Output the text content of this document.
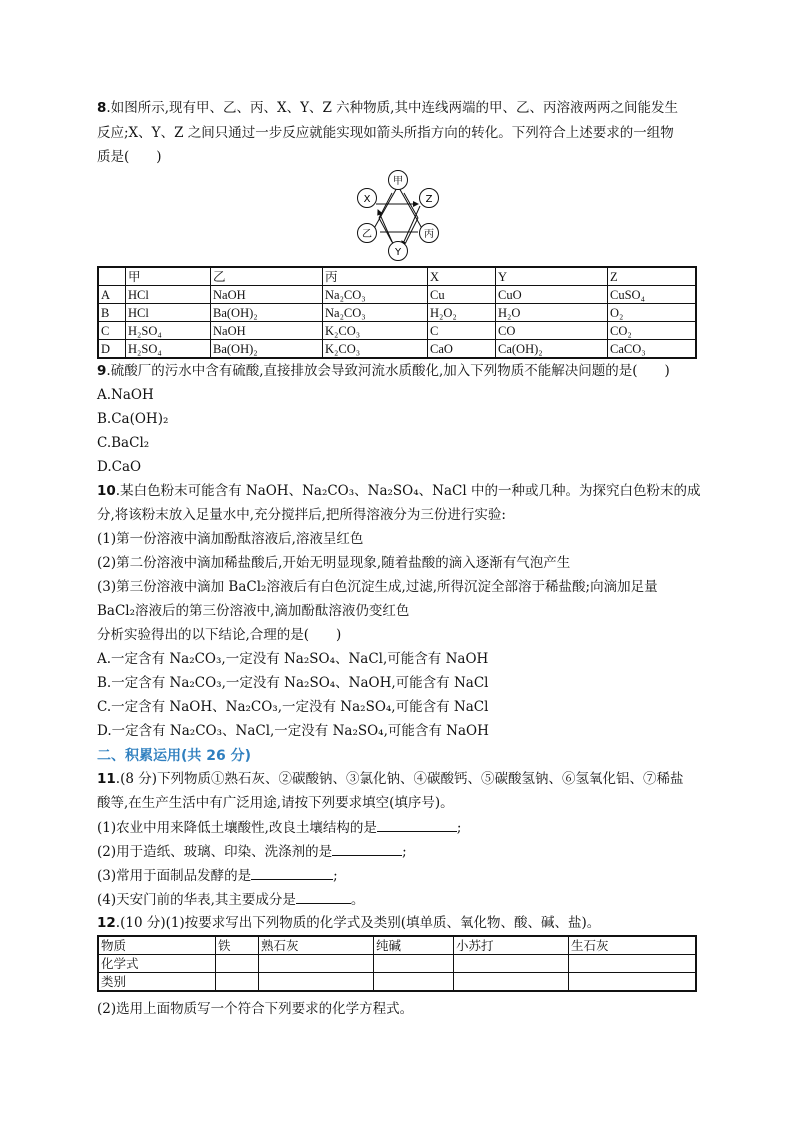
8.如图所示,现有甲、乙、丙、X、Y、Z 六种物质,其中连线两端的甲、乙、丙溶液两两之间能发生
反应;X、Y、Z 之间只通过一步反应就能实现如箭头所指方向的转化。下列符合上述要求的一组物
质是(　　)
甲
X	Z
乙	丙
Y
	甲	乙	丙	X	Y	Z
A	HCl	NaOH	Na₂CO₃	Cu	CuO	CuSO₄
B	HCl	Ba(OH)₂	Na₂CO₃	H₂O₂	H₂O	O₂
C	H₂SO₄	NaOH	K₂CO₃	C	CO	CO₂
D	H₂SO₄	Ba(OH)₂	K₂CO₃	CaO	Ca(OH)₂	CaCO₃
9.硫酸厂的污水中含有硫酸,直接排放会导致河流水质酸化,加入下列物质不能解决问题的是(　　)
A.NaOH
B.Ca(OH)₂
C.BaCl₂
D.CaO
10.某白色粉末可能含有 NaOH、Na₂CO₃、Na₂SO₄、NaCl 中的一种或几种。为探究白色粉末的成
分,将该粉末放入足量水中,充分搅拌后,把所得溶液分为三份进行实验:
(1)第一份溶液中滴加酚酞溶液后,溶液呈红色
(2)第二份溶液中滴加稀盐酸后,开始无明显现象,随着盐酸的滴入逐渐有气泡产生
(3)第三份溶液中滴加 BaCl₂溶液后有白色沉淀生成,过滤,所得沉淀全部溶于稀盐酸;向滴加足量
BaCl₂溶液后的第三份溶液中,滴加酚酞溶液仍变红色
分析实验得出的以下结论,合理的是(　　)
A.一定含有 Na₂CO₃,一定没有 Na₂SO₄、NaCl,可能含有 NaOH
B.一定含有 Na₂CO₃,一定没有 Na₂SO₄、NaOH,可能含有 NaCl
C.一定含有 NaOH、Na₂CO₃,一定没有 Na₂SO₄,可能含有 NaCl
D.一定含有 Na₂CO₃、NaCl,一定没有 Na₂SO₄,可能含有 NaOH
二、积累运用(共 26 分)
11.(8 分)下列物质①熟石灰、②碳酸钠、③氯化钠、④碳酸钙、⑤碳酸氢钠、⑥氢氧化铝、⑦稀盐
酸等,在生产生活中有广泛用途,请按下列要求填空(填序号)。
(1)农业中用来降低土壤酸性,改良土壤结构的是	;
(2)用于造纸、玻璃、印染、洗涤剂的是	;
(3)常用于面制品发酵的是	;
(4)天安门前的华表,其主要成分是	。
12.(10 分)(1)按要求写出下列物质的化学式及类别(填单质、氧化物、酸、碱、盐)。
物质	铁	熟石灰	纯碱	小苏打	生石灰
化学式					
类别					
(2)选用上面物质写一个符合下列要求的化学方程式。
